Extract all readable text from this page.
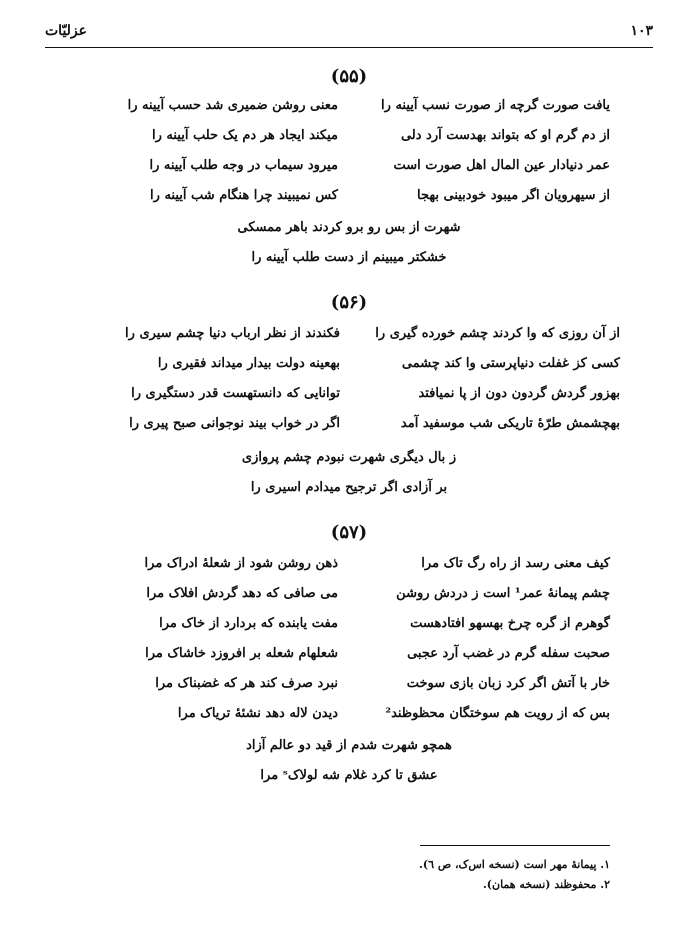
۱۰۳
عزلیّات
(۵۵)
یافت صورت گرچه از صورت نسب آیینه را
معنی روشن ضمیری شد حسب آیینه را
از دم گرم او که بتواند بهدست آرد دلی
میکند ایجاد هر دم یک حلب آیینه را
عمر دنیادار عین المال اهل صورت است
میرود سیماب در وجه طلب آیینه را
از سیهرویان اگر میبود خودبینی بهجا
کس نمیبیند چرا هنگام شب آیینه را
شهرت از بس رو برو کردند باهر ممسکی
خشکتر میبینم از دست طلب آیینه را
(۵۶)
از آن روزی که وا کردند چشم خورده گیری را
فکندند از نظر ارباب دنیا چشم سیری را
کسی کز غفلت دنیاپرستی وا کند چشمی
بهعینه دولت بیدار میداند فقیری را
بهزور گردش گردون دون از پا نمیافتد
توانایی که دانستهست قدر دستگیری را
بهچشمش طرّۀ تاریکی شب موسفید آمد
اگر در خواب بیند نوجوانی صبح پیری را
ز بال دیگری شهرت نبودم چشم پروازی
بر آزادی اگر ترجیح میدادم اسیری را
(۵۷)
کیف معنی رسد از راه رگ تاک مرا
ذهن روشن شود از شعلۀ ادراک مرا
چشم پیمانۀ عمر¹ است ز دردش روشن
می صافی که دهد گردش افلاک مرا
گوهرم از گره چرخ بهسهو افتادهست
مفت یابنده که بردارد از خاک مرا
صحبت سفله گرم در غضب آرد عجبی
شعلهام شعله بر افروزد خاشاک مرا
خار با آتش اگر کرد زبان بازی سوخت
نبرد صرف کند هر که غضبناک مرا
بس که از رویت هم سوختگان محظوظند²
دیدن لاله دهد نشئۀ تریاک مرا
همچو شهرت شدم از قید دو عالم آزاد
عشق تا کرد غلام شه لولاکˢ مرا
۱. پیمانۀ مهر است (نسخه اس‌ک، ص ٦).
۲. محفوظند (نسخه همان).
